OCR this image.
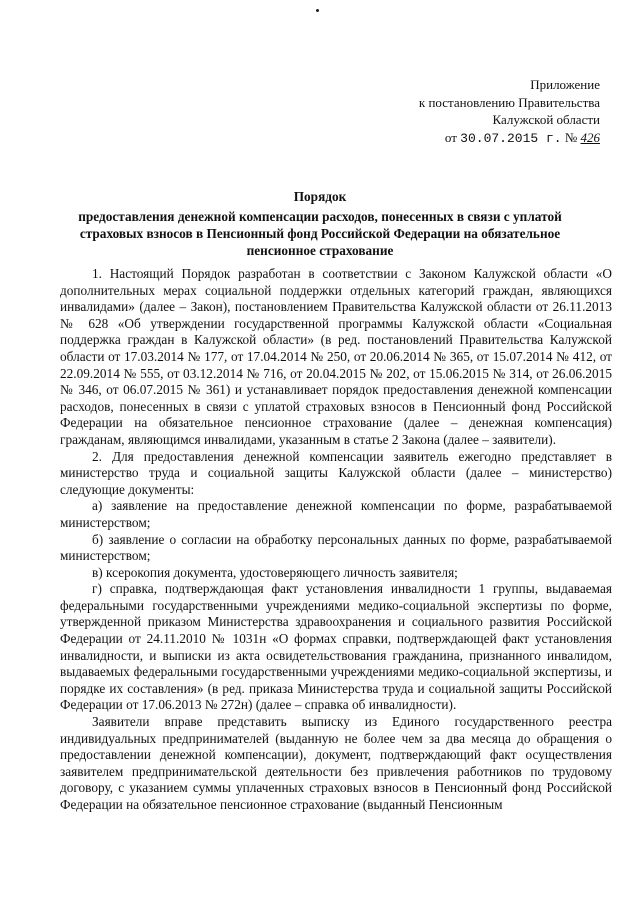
Приложение
к постановлению Правительства
Калужской области
от 30.07.2015 г. № 426
Порядок
предоставления денежной компенсации расходов, понесенных в связи с уплатой страховых взносов в Пенсионный фонд Российской Федерации на обязательное пенсионное страхование

1. Настоящий Порядок разработан в соответствии с Законом Калужской области «О дополнительных мерах социальной поддержки отдельных категорий граждан, являющихся инвалидами» (далее – Закон), постановлением Правительства Калужской области от 26.11.2013 № 628 «Об утверждении государственной программы Калужской области «Социальная поддержка граждан в Калужской области» (в ред. постановлений Правительства Калужской области от 17.03.2014 № 177, от 17.04.2014 № 250, от 20.06.2014 № 365, от 15.07.2014 № 412, от 22.09.2014 № 555, от 03.12.2014 № 716, от 20.04.2015 № 202, от 15.06.2015 № 314, от 26.06.2015 № 346, от 06.07.2015 № 361) и устанавливает порядок предоставления денежной компенсации расходов, понесенных в связи с уплатой страховых взносов в Пенсионный фонд Российской Федерации на обязательное пенсионное страхование (далее – денежная компенсация) гражданам, являющимся инвалидами, указанным в статье 2 Закона (далее – заявители).

2. Для предоставления денежной компенсации заявитель ежегодно представляет в министерство труда и социальной защиты Калужской области (далее – министерство) следующие документы:

а) заявление на предоставление денежной компенсации по форме, разрабатываемой министерством;

б) заявление о согласии на обработку персональных данных по форме, разрабатываемой министерством;

в) ксерокопия документа, удостоверяющего личность заявителя;

г) справка, подтверждающая факт установления инвалидности 1 группы, выдаваемая федеральными государственными учреждениями медико-социальной экспертизы по форме, утвержденной приказом Министерства здравоохранения и социального развития Российской Федерации от 24.11.2010 № 1031н «О формах справки, подтверждающей факт установления инвалидности, и выписки из акта освидетельствования гражданина, признанного инвалидом, выдаваемых федеральными государственными учреждениями медико-социальной экспертизы, и порядке их составления» (в ред. приказа Министерства труда и социальной защиты Российской Федерации от 17.06.2013 № 272н) (далее – справка об инвалидности).

Заявители вправе представить выписку из Единого государственного реестра индивидуальных предпринимателей (выданную не более чем за два месяца до обращения о предоставлении денежной компенсации), документ, подтверждающий факт осуществления заявителем предпринимательской деятельности без привлечения работников по трудовому договору, с указанием суммы уплаченных страховых взносов в Пенсионный фонд Российской Федерации на обязательное пенсионное страхование (выданный Пенсионным
